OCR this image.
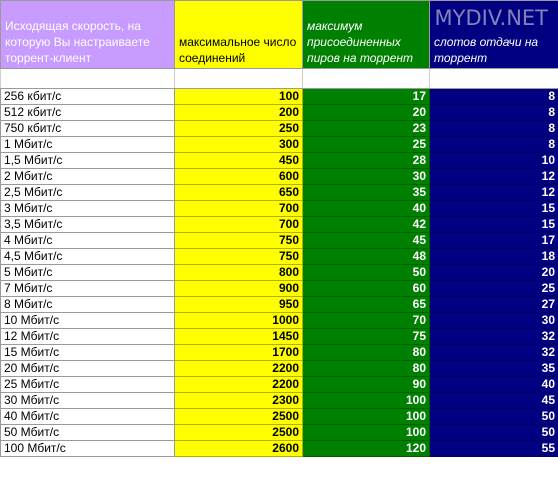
Исходящая скорость, на которую Вы настраиваете торрент-клиент	максимальное число соединений	максимум присоединенных пиров на торрент	слотов отдачи на торрент

256 кбит/с	100	17	8
512 кбит/с	200	20	8
750 кбит/с	250	23	8
1 Мбит/с	300	25	8
1,5 Мбит/с	450	28	10
2 Мбит/с	600	30	12
2,5 Мбит/с	650	35	12
3 Мбит/с	700	40	15
3,5 Мбит/с	700	42	15
4 Мбит/с	750	45	17
4,5 Мбит/с	750	48	18
5 Мбит/с	800	50	20
7 Мбит/с	900	60	25
8 Мбит/с	950	65	27
10 Мбит/с	1000	70	30
12 Мбит/с	1450	75	32
15 Мбит/с	1700	80	32
20 Мбит/с	2200	80	35
25 Мбит/с	2200	90	40
30 Мбит/с	2300	100	45
40 Мбит/с	2500	100	50
50 Мбит/с	2500	100	50
100 Мбит/с	2600	120	55
MYDIV.NET
